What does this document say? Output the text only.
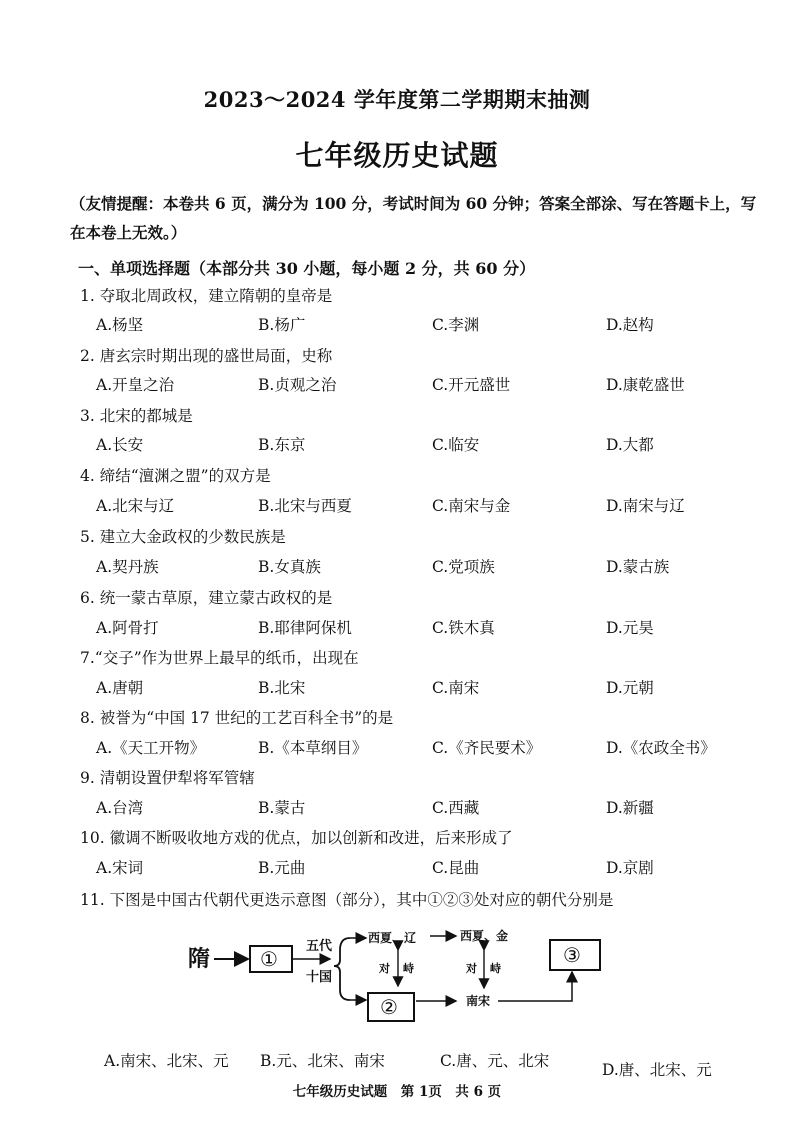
2023～2024 学年度第二学期期末抽测
七年级历史试题
（友情提醒：本卷共 6 页，满分为 100 分，考试时间为 60 分钟；答案全部涂、写在答题卡上，写在本卷上无效。）
一、单项选择题（本部分共 30 小题，每小题 2 分，共 60 分）
1. 夺取北周政权，建立隋朝的皇帝是
A.杨坚	B.杨广	C.李渊	D.赵构
2. 唐玄宗时期出现的盛世局面，史称
A.开皇之治	B.贞观之治	C.开元盛世	D.康乾盛世
3. 北宋的都城是
A.长安	B.东京	C.临安	D.大都
4. 缔结“澶渊之盟”的双方是
A.北宋与辽	B.北宋与西夏	C.南宋与金	D.南宋与辽
5. 建立大金政权的少数民族是
A.契丹族	B.女真族	C.党项族	D.蒙古族
6. 统一蒙古草原，建立蒙古政权的是
A.阿骨打	B.耶律阿保机	C.铁木真	D.元昊
7.“交子”作为世界上最早的纸币，出现在
A.唐朝	B.北宋	C.南宋	D.元朝
8. 被誉为“中国 17 世纪的工艺百科全书”的是
A.《天工开物》	B.《本草纲目》	C.《齐民要术》	D.《农政全书》
9. 清朝设置伊犁将军管辖
A.台湾	B.蒙古	C.西藏	D.新疆
10. 徽调不断吸收地方戏的优点，加以创新和改进，后来形成了
A.宋词	B.元曲	C.昆曲	D.京剧
11. 下图是中国古代朝代更迭示意图（部分），其中①②③处对应的朝代分别是
隋 ①
五代
十国
西夏、辽	西夏、金
②
对 峙
南宋
对 峙
③
A.南宋、北宋、元 B.元、北宋、南宋	C.唐、元、北宋	D.唐、北宋、元
七年级历史试题　第 1页　共 6 页
